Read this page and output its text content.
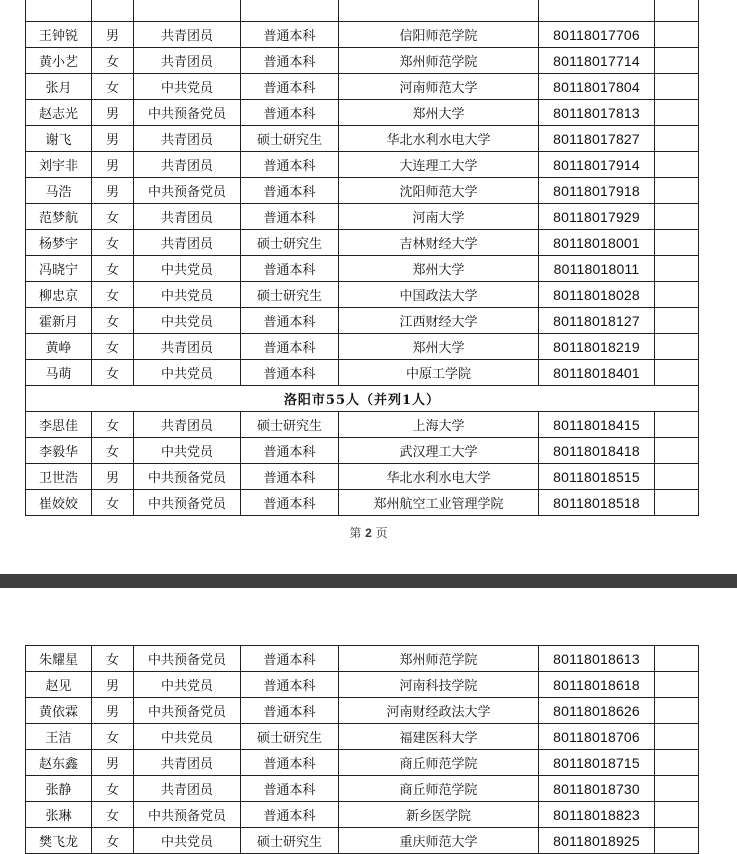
王钟锐	男	共青团员	普通本科	信阳师范学院	80118017706	
黄小艺	女	共青团员	普通本科	郑州师范学院	80118017714	
张月	女	中共党员	普通本科	河南师范大学	80118017804	
赵志光	男	中共预备党员	普通本科	郑州大学	80118017813	
谢飞	男	共青团员	硕士研究生	华北水利水电大学	80118017827	
刘宇非	男	共青团员	普通本科	大连理工大学	80118017914	
马浩	男	中共预备党员	普通本科	沈阳师范大学	80118017918	
范梦航	女	共青团员	普通本科	河南大学	80118017929	
杨梦宇	女	共青团员	硕士研究生	吉林财经大学	80118018001	
冯晓宁	女	中共党员	普通本科	郑州大学	80118018011	
柳忠京	女	中共党员	硕士研究生	中国政法大学	80118018028	
霍新月	女	中共党员	普通本科	江西财经大学	80118018127	
黄峥	女	共青团员	普通本科	郑州大学	80118018219	
马萌	女	中共党员	普通本科	中原工学院	80118018401	
洛阳市55人（并列1人）						
李思佳	女	共青团员	硕士研究生	上海大学	80118018415	
李毅华	女	中共党员	普通本科	武汉理工大学	80118018418	
卫世浩	男	中共预备党员	普通本科	华北水利水电大学	80118018515	
崔姣姣	女	中共预备党员	普通本科	郑州航空工业管理学院	80118018518	
第 2 页
朱耀星	女	中共预备党员	普通本科	郑州师范学院	80118018613	
赵见	男	中共党员	普通本科	河南科技学院	80118018618	
黄依霖	男	中共预备党员	普通本科	河南财经政法大学	80118018626	
王洁	女	中共党员	硕士研究生	福建医科大学	80118018706	
赵东鑫	男	共青团员	普通本科	商丘师范学院	80118018715	
张静	女	共青团员	普通本科	商丘师范学院	80118018730	
张琳	女	中共预备党员	普通本科	新乡医学院	80118018823	
樊飞龙	女	中共党员	硕士研究生	重庆师范大学	80118018925	
